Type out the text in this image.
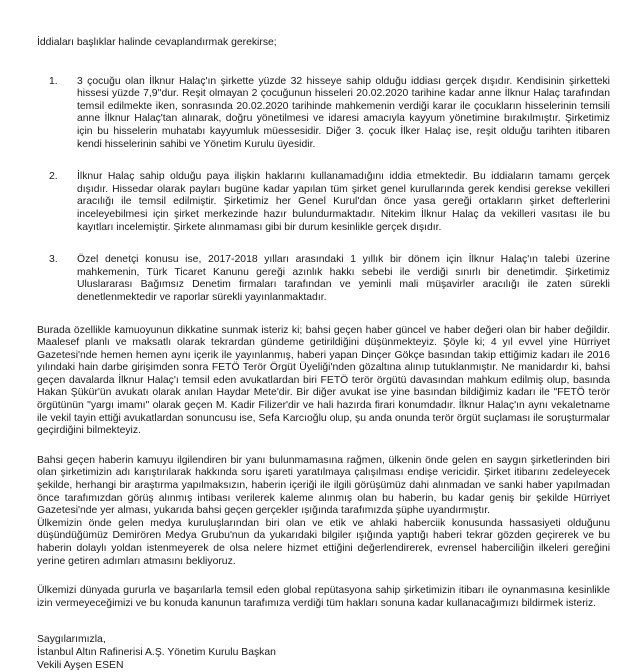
İddiaları başlıklar halinde cevaplandırmak gerekirse;

1.	3 çocuğu olan İlknur Halaç'ın şirkette yüzde 32 hisseye sahip olduğu iddiası gerçek dışıdır. Kendisinin şirketteki hissesi yüzde 7,9''dur. Reşit olmayan 2 çocuğunun hisseleri 20.02.2020 tarihine kadar anne İlknur Halaç tarafından temsil edilmekte iken, sonrasında 20.02.2020 tarihinde mahkemenin verdiği karar ile çocukların hisselerinin temsili anne İlknur Halaç'tan alınarak, doğru yönetilmesi ve idaresi amacıyla kayyum yönetimine bırakılmıştır. Şirketimiz için bu hisselerin muhatabı kayyumluk müessesidir. Diğer 3. çocuk İlker Halaç ise, reşit olduğu tarihten itibaren kendi hisselerinin sahibi ve Yönetim Kurulu üyesidir.
2.	İlknur Halaç sahip olduğu paya ilişkin haklarını kullanamadığını iddia etmektedir. Bu iddiaların tamamı gerçek dışıdır. Hissedar olarak payları bugüne kadar yapılan tüm şirket genel kurullarında gerek kendisi gerekse vekilleri aracılığı ile temsil edilmiştir. Şirketimiz her Genel Kurul'dan önce yasa gereği ortakların şirket defterlerini inceleyebilmesi için şirket merkezinde hazır bulundurmaktadır. Nitekim İlknur Halaç da vekilleri vasıtası ile bu kayıtları incelemiştir. Şirkete alınmaması gibi bir durum kesinlikle gerçek dışıdır.
3.	Özel denetçi konusu ise, 2017-2018 yılları arasındaki 1 yıllık bir dönem için İlknur Halaç'ın talebi üzerine mahkemenin, Türk Ticaret Kanunu gereği azınlık hakkı sebebi ile verdiği sınırlı bir denetimdir. Şirketimiz Uluslararası Bağımsız Denetim firmaları tarafından ve yeminli mali müşavirler aracılığı ile zaten sürekli denetlenmektedir ve raporlar sürekli yayınlanmaktadır.

Burada özellikle kamuoyunun dikkatine sunmak isteriz ki; bahsi geçen haber güncel ve haber değeri olan bir haber değildir. Maalesef planlı ve maksatlı olarak tekrardan gündeme getirildiğini düşünmekteyiz. Şöyle ki; 4 yıl evvel yine Hürriyet Gazetesi'nde hemen hemen aynı içerik ile yayınlanmış, haberi yapan Dinçer Gökçe basından takip ettiğimiz kadarı ile 2016 yılındaki hain darbe girişimden sonra FETÖ Terör Örgüt Üyeliği'nden gözaltına alınıp tutuklanmıştır. Ne manidardır ki, bahsi geçen davalarda İlknur Halaç'ı temsil eden avukatlardan biri FETÖ terör örgütü davasından mahkum edilmiş olup, basında Hakan Şükür'ün avukatı olarak anılan Haydar Mete'dir. Bir diğer avukat ise yine basından bildiğimiz kadarı ile "FETÖ terör örgütünün "yargı imamı" olarak geçen M. Kadir Filizer'dir ve hali hazırda firari konumdadır. İlknur Halaç'ın aynı vekaletname ile vekil tayin ettiği avukatlardan sonuncusu ise, Sefa Karcıoğlu olup, şu anda onunda terör örgüt suçlaması ile soruşturmalar geçirdiğini bilmekteyiz.

Bahsi geçen haberin kamuyu ilgilendiren bir yanı bulunmamasına rağmen, ülkenin önde gelen en saygın şirketlerinden biri olan şirketimizin adı karıştırılarak hakkında soru işareti yaratılmaya çalışılması endişe vericidir. Şirket itibarını zedeleyecek şekilde, herhangi bir araştırma yapılmaksızın, haberin içeriği ile ilgili görüşümüz dahi alınmadan ve sanki haber yapılmadan önce tarafımızdan görüş alınmış intibası verilerek kaleme alınmış olan bu haberin, bu kadar geniş bir şekilde Hürriyet Gazetesi'nde yer alması, yukarıda bahsi geçen gerçekler ışığında tarafımızda şüphe uyandırmıştır.
Ülkemizin önde gelen medya kuruluşlarından biri olan ve etik ve ahlaki haberciik konusunda hassasiyeti olduğunu düşündüğümüz Demirören Medya Grubu'nun da yukarıdaki bilgiler ışığında yaptığı haberi tekrar gözden geçirerek ve bu haberin dolaylı yoldan istenmeyerek de olsa nelere hizmet ettiğini değerlendirerek, evrensel haberciliğin ilkeleri gereğini yerine getiren adımları atmasını bekliyoruz.

Ülkemizi dünyada gururla ve başarılarla temsil eden global repütasyona sahip şirketimizin itibarı ile oynanmasına kesinlikle izin vermeyeceğimizi ve bu konuda kanunun tarafımıza verdiği tüm hakları sonuna kadar kullanacağımızı bildirmek isteriz.

Saygılarımızla,
İstanbul Altın Rafinerisi A.Ş. Yönetim Kurulu Başkan
Vekili Ayşen ESEN
